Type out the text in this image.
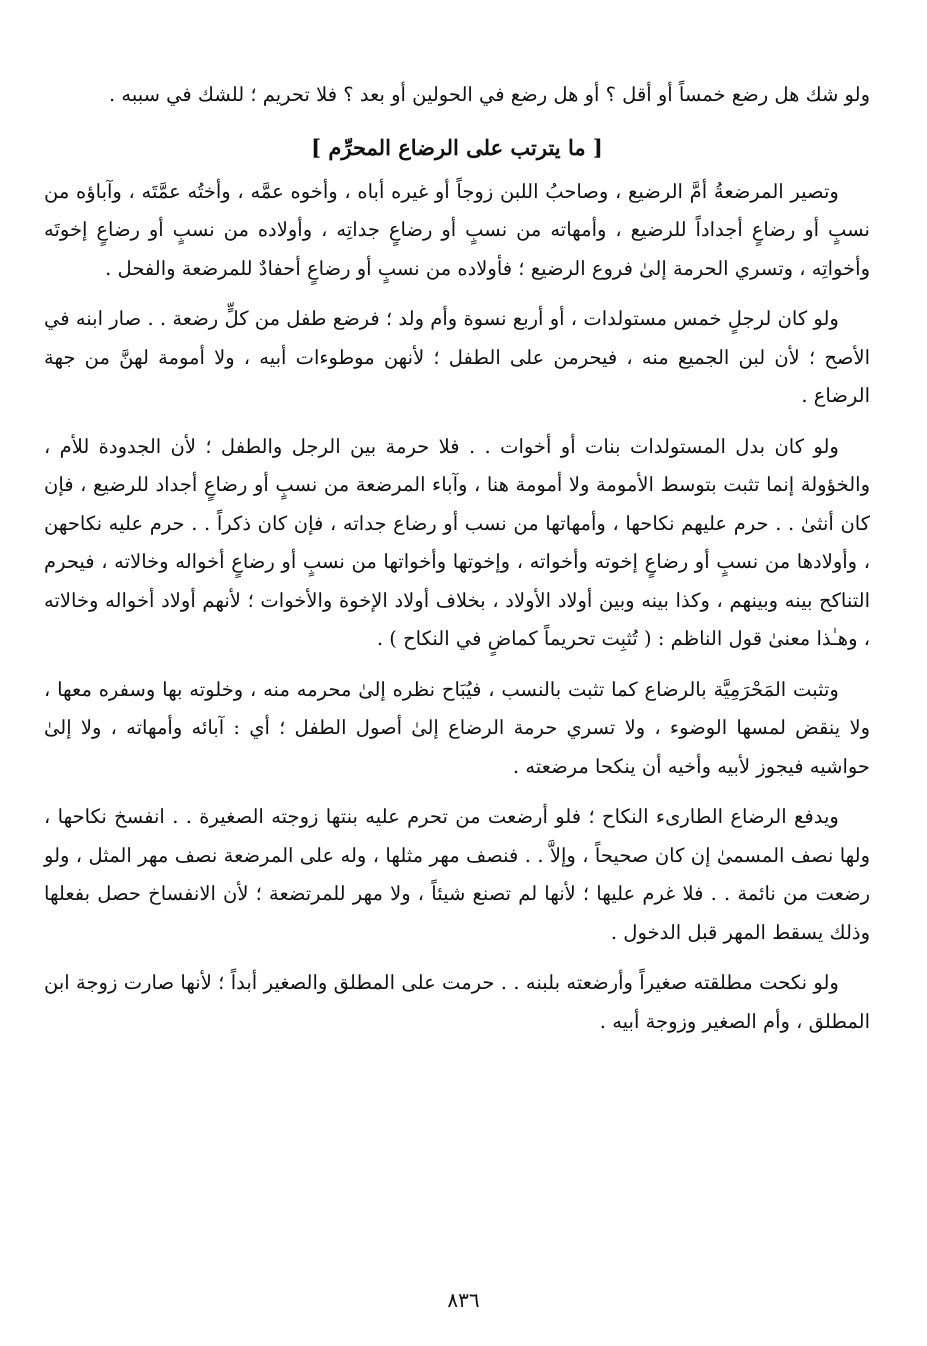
ولو شك هل رضع خمساً أو أقل ؟ أو هل رضع في الحولين أو بعد ؟ فلا تحريم ؛ للشك في سببه .

[ ما يترتب على الرضاع المحرِّم ]

وتصير المرضعةُ أمَّ الرضيع ، وصاحبُ اللبن زوجاً أو غيره أباه ، وأخوه عمَّه ، وأختُه عمَّتَه ، وآباؤه من نسبٍ أو رضاعٍ أجداداً للرضيع ، وأمهاته من نسبٍ أو رضاعٍ جداتِه ، وأولاده من نسبٍ أو رضاعٍ إخوتَه وأخواتِه ، وتسري الحرمة إلىٰ فروع الرضيع ؛ فأولاده من نسبٍ أو رضاعٍ أحفادٌ للمرضعة والفحل .

ولو كان لرجلٍ خمس مستولدات ، أو أربع نسوة وأم ولد ؛ فرضع طفل من كلٍّ رضعة . . صار ابنه في الأصح ؛ لأن لبن الجميع منه ، فيحرمن على الطفل ؛ لأنهن موطوءات أبيه ، ولا أمومة لهنَّ من جهة الرضاع .

ولو كان بدل المستولدات بنات أو أخوات . . فلا حرمة بين الرجل والطفل ؛ لأن الجدودة للأم ، والخؤولة إنما تثبت بتوسط الأمومة ولا أمومة هنا ، وآباء المرضعة من نسبٍ أو رضاعٍ أجداد للرضيع ، فإن كان أنثىٰ . . حرم عليهم نكاحها ، وأمهاتها من نسب أو رضاع جداته ، فإن كان ذكراً . . حرم عليه نكاحهن ، وأولادها من نسبٍ أو رضاعٍ إخوته وأخواته ، وإخوتها وأخواتها من نسبٍ أو رضاعٍ أخواله وخالاته ، فيحرم التناكح بينه وبينهم ، وكذا بينه وبين أولاد الأولاد ، بخلاف أولاد الإخوة والأخوات ؛ لأنهم أولاد أخواله وخالاته ، وهـٰذا معنىٰ قول الناظم : ( تُثبِت تحريماً كماضٍ في النكاح ) .

وتثبت المَحْرَمِيَّة بالرضاع كما تثبت بالنسب ، فيُبَاح نظره إلىٰ محرمه منه ، وخلوته بها وسفره معها ، ولا ينقض لمسها الوضوء ، ولا تسري حرمة الرضاع إلىٰ أصول الطفل ؛ أي : آبائه وأمهاته ، ولا إلىٰ حواشيه فيجوز لأبيه وأخيه أن ينكحا مرضعته .

ويدفع الرضاع الطارىء النكاح ؛ فلو أرضعت من تحرم عليه بنتها زوجته الصغيرة . . انفسخ نكاحها ، ولها نصف المسمىٰ إن كان صحيحاً ، وإلاَّ . . فنصف مهر مثلها ، وله على المرضعة نصف مهر المثل ، ولو رضعت من نائمة . . فلا غرم عليها ؛ لأنها لم تصنع شيئاً ، ولا مهر للمرتضعة ؛ لأن الانفساخ حصل بفعلها وذلك يسقط المهر قبل الدخول .

ولو نكحت مطلقته صغيراً وأرضعته بلبنه . . حرمت على المطلق والصغير أبداً ؛ لأنها صارت زوجة ابن المطلق ، وأم الصغير وزوجة أبيه .

٨٣٦
